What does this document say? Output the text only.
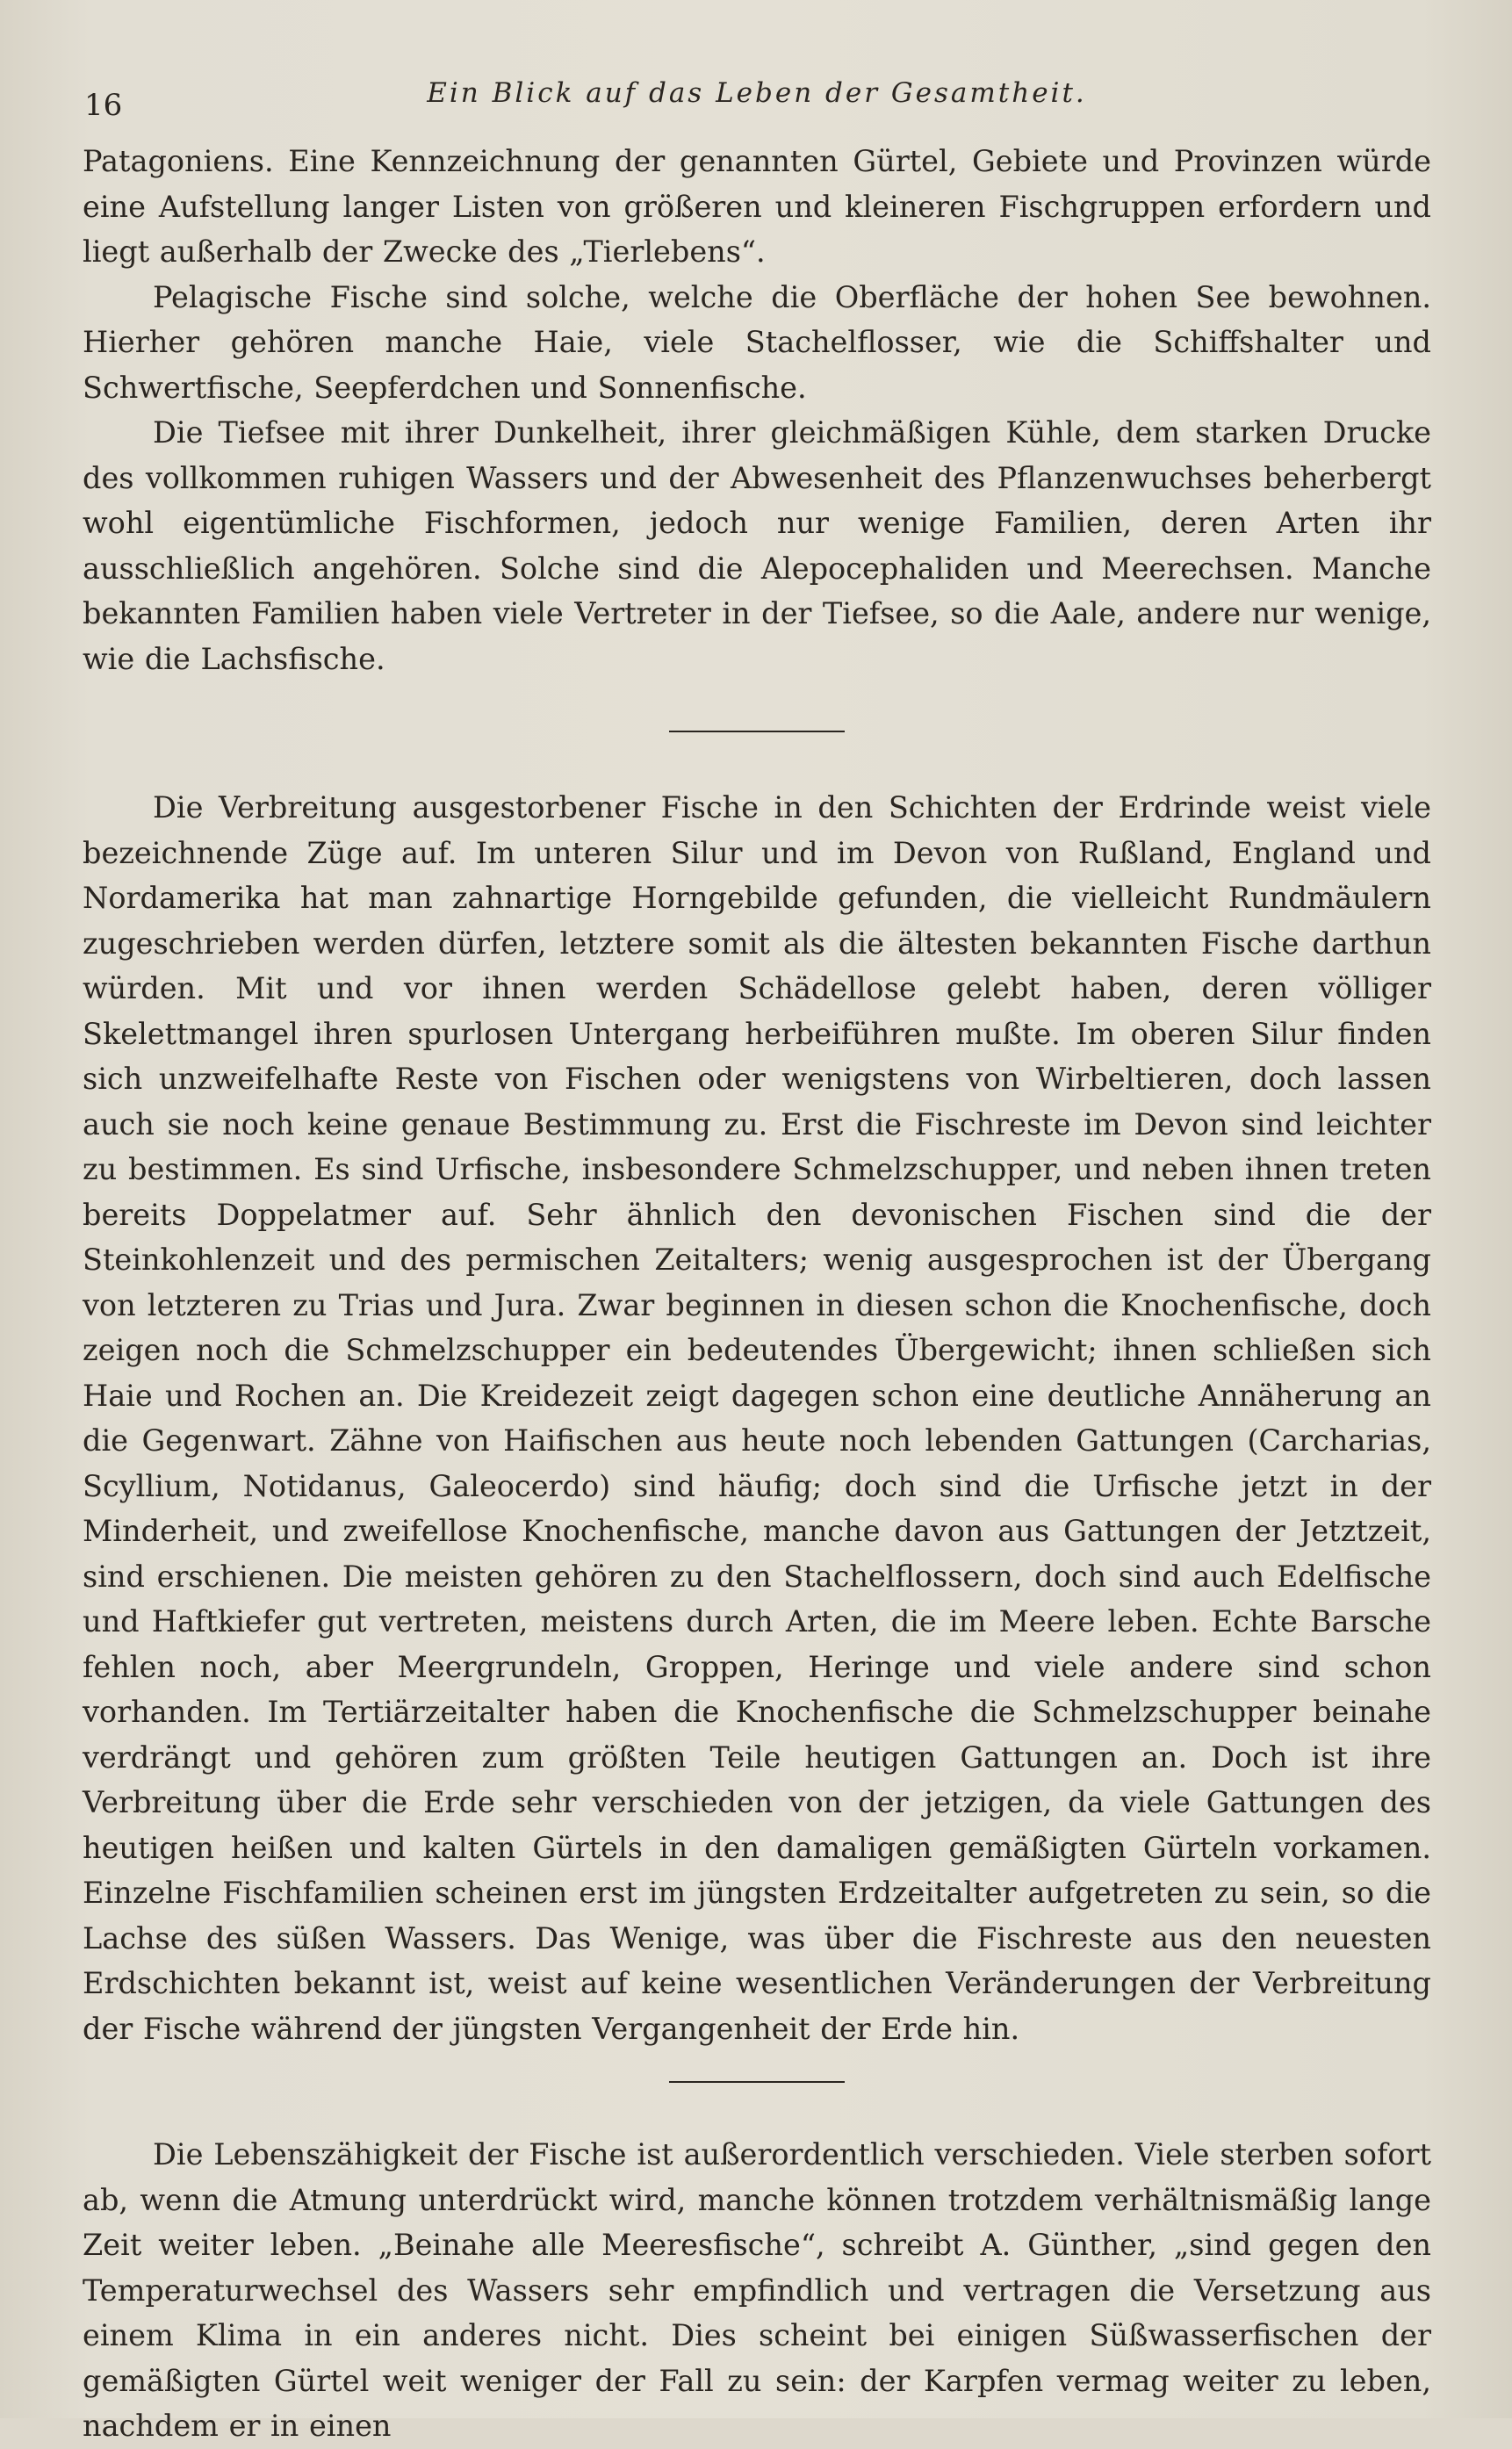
16	Ein Blick auf das Leben der Gesamtheit.

Patagoniens. Eine Kennzeichnung der genannten Gürtel, Gebiete und Provinzen würde eine Aufstellung langer Listen von größeren und kleineren Fischgruppen erfordern und liegt außerhalb der Zwecke des „Tierlebens“.

Pelagische Fische sind solche, welche die Oberfläche der hohen See bewohnen. Hierher gehören manche Haie, viele Stachelflosser, wie die Schiffshalter und Schwertfische, Seepferdchen und Sonnenfische.

Die Tiefsee mit ihrer Dunkelheit, ihrer gleichmäßigen Kühle, dem starken Drucke des vollkommen ruhigen Wassers und der Abwesenheit des Pflanzenwuchses beherbergt wohl eigentümliche Fischformen, jedoch nur wenige Familien, deren Arten ihr ausschließlich angehören. Solche sind die Alepocephaliden und Meerechsen. Manche bekannten Familien haben viele Vertreter in der Tiefsee, so die Aale, andere nur wenige, wie die Lachsfische.

Die Verbreitung ausgestorbener Fische in den Schichten der Erdrinde weist viele bezeichnende Züge auf. Im unteren Silur und im Devon von Rußland, England und Nordamerika hat man zahnartige Horngebilde gefunden, die vielleicht Rundmäulern zugeschrieben werden dürfen, letztere somit als die ältesten bekannten Fische darthun würden. Mit und vor ihnen werden Schädellose gelebt haben, deren völliger Skelettmangel ihren spurlosen Untergang herbeiführen mußte. Im oberen Silur finden sich unzweifelhafte Reste von Fischen oder wenigstens von Wirbeltieren, doch lassen auch sie noch keine genaue Bestimmung zu. Erst die Fischreste im Devon sind leichter zu bestimmen. Es sind Urfische, insbesondere Schmelzschupper, und neben ihnen treten bereits Doppelatmer auf. Sehr ähnlich den devonischen Fischen sind die der Steinkohlenzeit und des permischen Zeitalters; wenig ausgesprochen ist der Übergang von letzteren zu Trias und Jura. Zwar beginnen in diesen schon die Knochenfische, doch zeigen noch die Schmelzschupper ein bedeutendes Übergewicht; ihnen schließen sich Haie und Rochen an. Die Kreidezeit zeigt dagegen schon eine deutliche Annäherung an die Gegenwart. Zähne von Haifischen aus heute noch lebenden Gattungen (Carcharias, Scyllium, Notidanus, Galeocerdo) sind häufig; doch sind die Urfische jetzt in der Minderheit, und zweifellose Knochenfische, manche davon aus Gattungen der Jetztzeit, sind erschienen. Die meisten gehören zu den Stachelflossern, doch sind auch Edelfische und Haftkiefer gut vertreten, meistens durch Arten, die im Meere leben. Echte Barsche fehlen noch, aber Meergrundeln, Groppen, Heringe und viele andere sind schon vorhanden. Im Tertiärzeitalter haben die Knochenfische die Schmelzschupper beinahe verdrängt und gehören zum größten Teile heutigen Gattungen an. Doch ist ihre Verbreitung über die Erde sehr verschieden von der jetzigen, da viele Gattungen des heutigen heißen und kalten Gürtels in den damaligen gemäßigten Gürteln vorkamen. Einzelne Fischfamilien scheinen erst im jüngsten Erdzeitalter aufgetreten zu sein, so die Lachse des süßen Wassers. Das Wenige, was über die Fischreste aus den neuesten Erdschichten bekannt ist, weist auf keine wesentlichen Veränderungen der Verbreitung der Fische während der jüngsten Vergangenheit der Erde hin.

Die Lebenszähigkeit der Fische ist außerordentlich verschieden. Viele sterben sofort ab, wenn die Atmung unterdrückt wird, manche können trotzdem verhältnismäßig lange Zeit weiter leben. „Beinahe alle Meeresfische“, schreibt A. Günther, „sind gegen den Temperaturwechsel des Wassers sehr empfindlich und vertragen die Versetzung aus einem Klima in ein anderes nicht. Dies scheint bei einigen Süßwasserfischen der gemäßigten Gürtel weit weniger der Fall zu sein: der Karpfen vermag weiter zu leben, nachdem er in einen
